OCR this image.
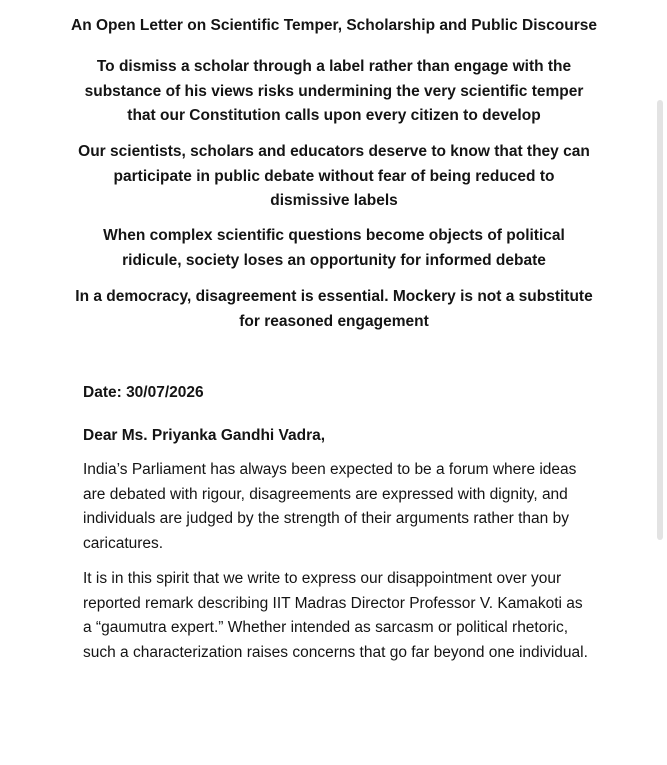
An Open Letter on Scientific Temper, Scholarship and Public Discourse

To dismiss a scholar through a label rather than engage with the
substance of his views risks undermining the very scientific temper
that our Constitution calls upon every citizen to develop

Our scientists, scholars and educators deserve to know that they can
participate in public debate without fear of being reduced to
dismissive labels

When complex scientific questions become objects of political
ridicule, society loses an opportunity for informed debate

In a democracy, disagreement is essential. Mockery is not a substitute
for reasoned engagement

Date: 30/07/2026

Dear Ms. Priyanka Gandhi Vadra,

India’s Parliament has always been expected to be a forum where ideas
are debated with rigour, disagreements are expressed with dignity, and
individuals are judged by the strength of their arguments rather than by
caricatures.

It is in this spirit that we write to express our disappointment over your
reported remark describing IIT Madras Director Professor V. Kamakoti as
a “gaumutra expert.” Whether intended as sarcasm or political rhetoric,
such a characterization raises concerns that go far beyond one individual.
